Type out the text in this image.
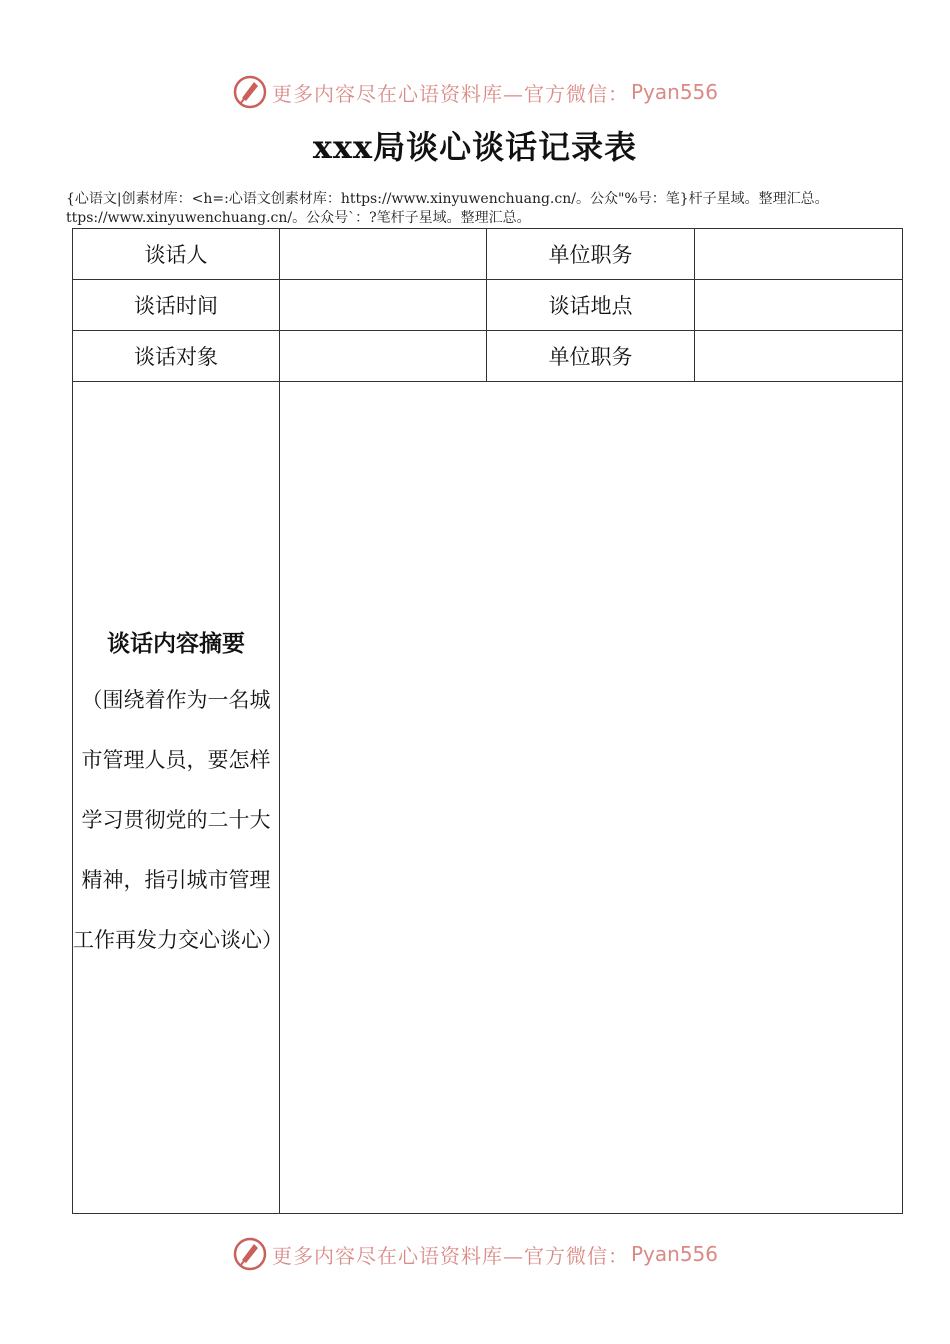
更多内容尽在心语资料库—官方微信： Pyan556
xxx局谈心谈话记录表
{心语文|创素材库：<h=:心语文创素材库：https://www.xinyuwenchuang.cn/。公众"%号：笔}杆子星域。整理汇总。
ttps://www.xinyuwenchuang.cn/。公众号`：?笔杆子星域。整理汇总。
谈话人		单位职务	
谈话时间		谈话地点	
谈话对象		单位职务	

谈话内容摘要
（围绕着作为一名城市管理人员，要怎样学习贯彻党的二十大精神，指引城市管理工作再发力交心谈心）			

更多内容尽在心语资料库—官方微信： Pyan556
